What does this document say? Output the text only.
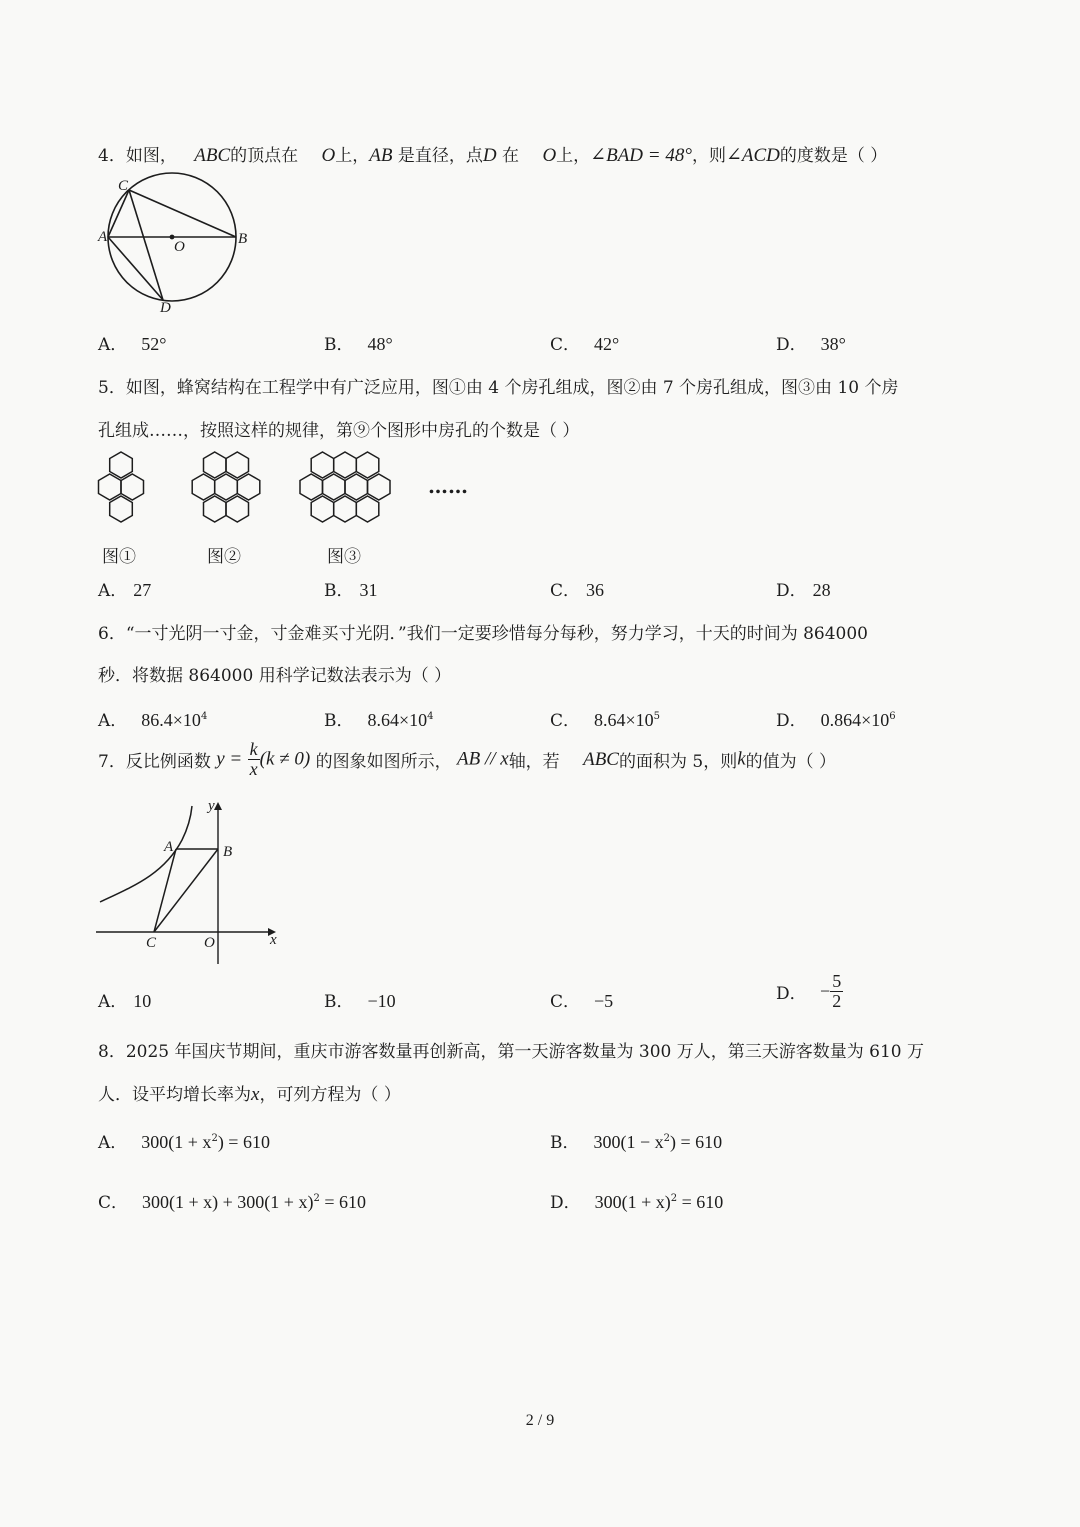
4．如图， ABC的顶点在 O上，AB 是直径，点D 在 O上，∠BAD = 48°，则∠ACD的度数是（ ）
C
A
O	B
D
A． 52°	B． 48°	C． 42°	D． 38°
5．如图，蜂窝结构在工程学中有广泛应用，图①由 4 个房孔组成，图②由 7 个房孔组成，图③由 10 个房
孔组成……，按照这样的规律，第⑨个图形中房孔的个数是（ ）
……
图①	图②	图③
A． 27	B． 31	C． 36	D． 28
6．“一寸光阴一寸金，寸金难买寸光阴．”我们一定要珍惜每分每秒，努力学习，十天的时间为 864000
秒．将数据 864000 用科学记数法表示为（ ）
A． $86.4\times 10^4$	B． $8.64\times 10^4$	C． $8.64\times 10^5$	D． $0.864\times 10^6$
7．反比例函数 $y = \frac{k}{x} (k \ne 0)$ 的图象如图所示， AB // x轴，若 ABC的面积为 5，则k的值为（ ）
y
A	B
C	O	x
A． 10	B． −10	C． −5	D． − $\frac{5}{2}$
8．2025 年国庆节期间，重庆市游客数量再创新高，第一天游客数量为 300 万人，第三天游客数量为 610 万
人．设平均增长率为x，可列方程为（ ）
A． $300(1 + x^2) = 610$	B． $300(1 - x^2) = 610$
C． $300(1 + x) + 300(1 + x)^2 = 610$	D． $300(1 + x)^2 = 610$
2 / 9
